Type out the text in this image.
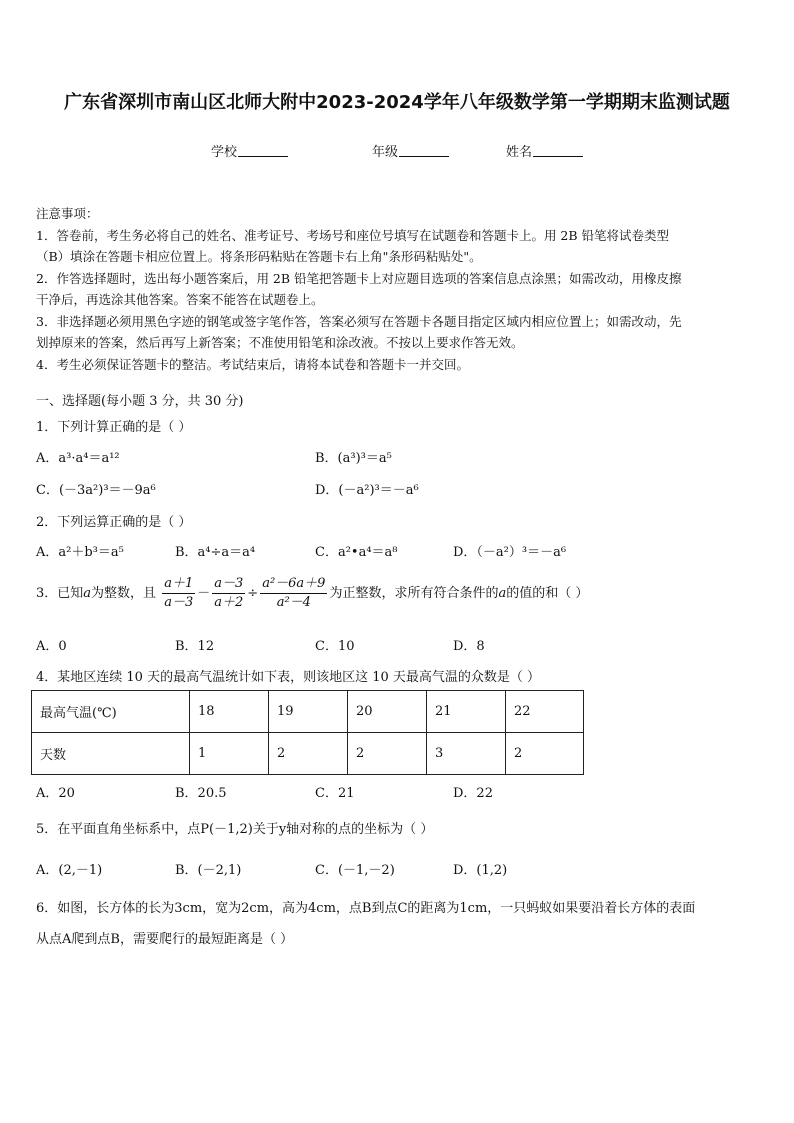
广东省深圳市南山区北师大附中2023-2024学年八年级数学第一学期期末监测试题
学校	年级	姓名

注意事项：

1．答卷前，考生务必将自己的姓名、准考证号、考场号和座位号填写在试题卷和答题卡上。用 2B 铅笔将试卷类型

（B）填涂在答题卡相应位置上。将条形码粘贴在答题卡右上角"条形码粘贴处"。

2．作答选择题时，选出每小题答案后，用 2B 铅笔把答题卡上对应题目选项的答案信息点涂黑；如需改动，用橡皮擦

干净后，再选涂其他答案。答案不能答在试题卷上。

3．非选择题必须用黑色字迹的钢笔或签字笔作答，答案必须写在答题卡各题目指定区域内相应位置上；如需改动，先

划掉原来的答案，然后再写上新答案；不准使用铅笔和涂改液。不按以上要求作答无效。

4．考生必须保证答题卡的整洁。考试结束后，请将本试卷和答题卡一并交回。

一、选择题(每小题 3 分，共 30 分)
1．下列计算正确的是（ ）
A．a³·a⁴＝a¹²	B．(a³)³＝a⁵
C．(－3a²)³＝－9a⁶	D．(－a²)³＝－a⁶
2．下列运算正确的是（ ）
A．a²＋b³＝a⁵	B．a⁴÷a＝a⁴	C．a²•a⁴＝a⁸	D．（－a²）³＝－a⁶
3．已知a为整数，且 $\frac{a+1}{a-3} - \frac{a-3}{a+2} \div \frac{\text{a²－6a＋9}}{\text{a²－4}}$ 为正整数，求所有符合条件的a的值的和（ ）
A．0	B．12	C．10	D．8
4．某地区连续 10 天的最高气温统计如下表，则该地区这 10 天最高气温的众数是（ ）
最高气温(℃)	18	19	20	21	22
天数	1	2	2	3	2
A．20	B．20.5	C．21	D．22
5．在平面直角坐标系中，点P(－1,2)关于y轴对称的点的坐标为（ ）
A．(2,－1)	B．(－2,1)	C．(－1,－2)	D．(1,2)
6．如图，长方体的长为3cm，宽为2cm，高为4cm，点B到点C的距离为1cm，一只蚂蚁如果要沿着长方体的表面
从点A爬到点B，需要爬行的最短距离是（ ）
